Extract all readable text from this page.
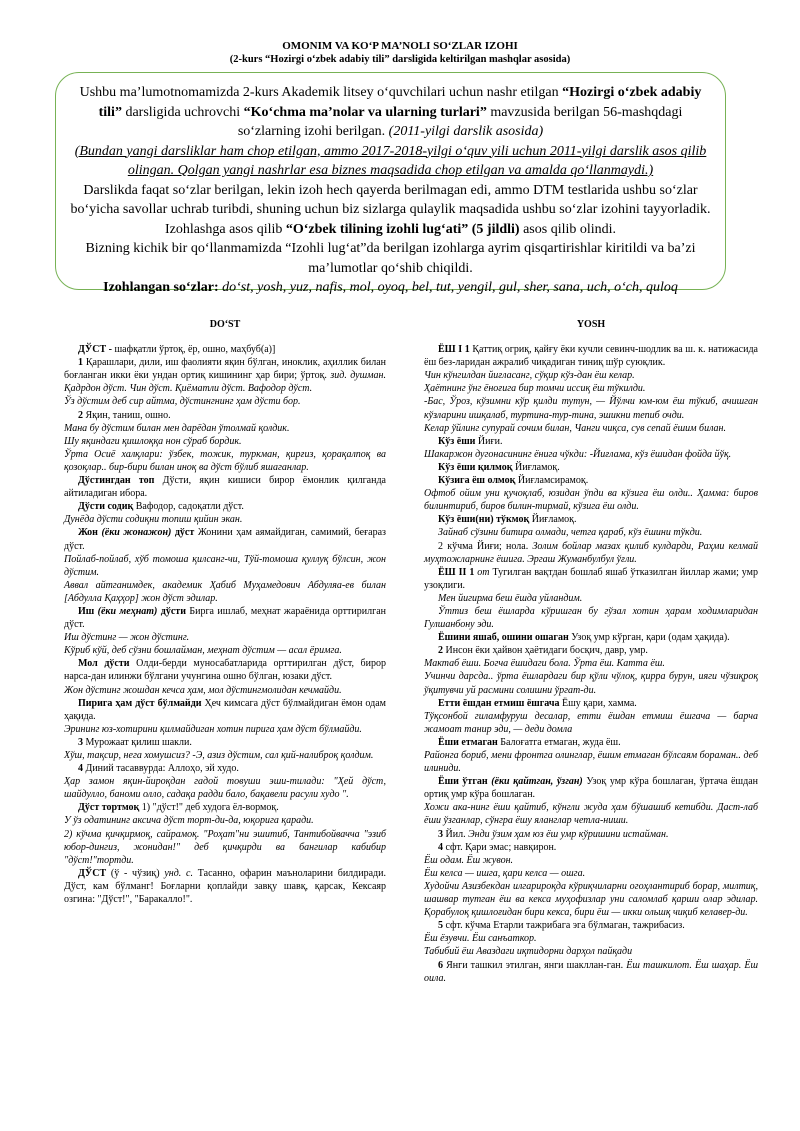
OMONIM VA KO‘P MA’NOLI SO‘ZLAR IZOHI
(2-kurs “Hozirgi o‘zbek adabiy tili” darsligida keltirilgan mashqlar asosida)

Ushbu ma’lumotnomamizda 2-kurs Akademik litsey o‘quvchilari uchun nashr etilgan “Hozirgi o‘zbek adabiy tili” darsligida uchrovchi “Ko‘chma ma’nolar va ularning turlari” mavzusida berilgan 56-mashqdagi so‘zlarning izohi berilgan. (2011-yilgi darslik asosida)

(Bundan yangi darsliklar ham chop etilgan, ammo 2017-2018-yilgi o‘quv yili uchun 2011-yilgi darslik asos qilib olingan. Qolgan yangi nashrlar esa biznes maqsadida chop etilgan va amalda qo‘llanmaydi.)

Darslikda faqat so‘zlar berilgan, lekin izoh hech qayerda berilmagan edi, ammo DTM testlarida ushbu so‘zlar bo‘yicha savollar uchrab turibdi, shuning uchun biz sizlarga qulaylik maqsadida ushbu so‘zlar izohini tayyorladik. Izohlashga asos qilib “O‘zbek tilining izohli lug‘ati” (5 jildli) asos qilib olindi.

Bizning kichik bir qo‘llanmamizda “Izohli lug‘at”da berilgan izohlarga ayrim qisqartirishlar kiritildi va ba’zi ma’lumotlar qo‘shib chiqildi.

Izohlangan so‘zlar: do‘st, yosh, yuz, nafis, mol, oyoq, bel, tut, yengil, gul, sher, sana, uch, o‘ch, quloq

DO‘ST

ДЎСТ - шафқатли ўртоқ, ёр, ошно, маҳбуб(а)]

1 Қарашлари, дили, иш фаолияти яқин бўлган, иноклик, аҳиллик билан боғланган икки ёки ундан ортиқ кишининг ҳар бири; ўртоқ. зид. душман. Қадрдон дўст. Чин дўст. Қиёматли дўст. Вафодор дўст.

Ўз дўстим деб сир айтма, дўстингнинг ҳам дўсти бор.

2 Яқин, таниш, ошно.

Мана бу дўстим билан мен дарёдан ўтолмай қолдик.

Шу яқиндаги қишлоққа нон сўраб бордик.

Ўрта Осиё халқлари: ўзбек, тожик, туркман, қирғиз, қорақалпоқ ва қозоқлар.. бир-бири билан иноқ ва дўст бўлиб яшаганлар.

Дўстингдан топ Дўсти, яқин кишиси бирор ёмонлик қилганда айтиладиган ибора.

Дўсти содиқ Вафодор, садоқатли дўст.

Дунёда дўсти содиқни топиш қийин экан.

Жон (ёки жонажон) дўст Жонини ҳам аямайдиган, самимий, беғараз дўст.

Пойлаб-пойлаб, хўб томоша қилсанг-чи, Тўй-томоша қуллуқ бўлсин, жон дўстим.

Аввал айтганимдек, академик Ҳабиб Муҳамедович Абдуляа-ев билан [Абдулла Қаҳҳор] жон дўст эдилар.

Иш (ёки меҳнат) дўсти Бирга ишлаб, меҳнат жараёнида орттирилган дўст.

Иш дўстинг — жон дўстинг.

Кўриб кўй, деб сўзни бошлайман, меҳнат дўстим — асал ёримга.

Мол дўсти Олди-берди муносабатларида орттирилган дўст, бирор нарса-дан илинжи бўлгани учунгина ошно бўлган, юзаки дўст.

Жон дўстинг жошдан кечса ҳам, мол дўстингмолидан кечмайди.

Пирига ҳам дўст бўлмайди Ҳеч кимсага дўст бўлмайдиган ёмон одам ҳақида.

Эрининг юз-хотирини қилмайдиган хотин пирига ҳам дўст бўлмайди.

3 Мурожаат қилиш шакли.

Хўш, тақсир, нега хомушсиз? -Э, азиз дўстим, сал қий-налиброқ қолдим.

4 Диний тасаввурда: Аллоҳо, эй худо.

Ҳар замон яқин-йироқдан гадой товуши эши-тилади: "Ҳей дўст, шайдулло, баноми олло, садақа радди бало, бақавели расули худо ".

Дўст тортмоқ 1) "дўст!" деб худога ёл-вормоқ.

У ўз одатининг аксича дўст торт-ди-да, юқорига қаради.

2) кўчма қичқирмоқ, сайрамоқ. "Роҳат"ни эшитиб, Тантибойвачча "эзиб юбор-дингиз, жонидан!" деб қичқирди ва бангилар кабибир "дўст!"тортди.

ДЎСТ (ў - чўзиқ) унд. с. Тасанно, офарин маъноларини билдиради. Дўст, кам бўлманг! Боғларни қоплайди завқу шавқ, қарсак, Кексаяр озгина: "Дўст!", "Баракалло!".

YOSH

ЁШ I 1 Қаттиқ огриқ, қайғу ёки кучли севинч-шодлик ва ш. к. натижасида ёш без-ларидан ажралиб чиқадиган тиниқ шўр суюқлик.

Чин кўнгилдан йиғласанг, сўқир кўз-дан ёш келар.

Ҳаётнинг ўнг ёноғига бир томчи иссиқ ёш тўкилди.

-Бас, Ўроз, кўзимни кўр қилди тутун, — Йўлчи юм-юм ёш тўкиб, ачишган кўзларини ишқалаб, туртина-тур-тина, эшикни тепиб очди.

Келар ўйлинг супурай сочим билан, Чанги чиқса, сув сепай ёшим билан.

Кўз ёши Йиғи.

Шакаржон дугонасининг ёнига чўкди: -Йиғлама, кўз ёшидан фойда йўқ.

Кўз ёши қилмоқ Йиғламоқ.

Кўзига ёш олмоқ Йиғламсирамоқ.

Офтоб ойим уни қучоқлаб, юзидан ўпди ва кўзига ёш олди.. Ҳамма: биров билинтириб, биров билин-тирмай, кўзига ёш олди.

Кўз ёши(ни) тўкмоқ Йиғламоқ.

Зайнаб сўзини битира олмади, четга қараб, кўз ёшини тўкди.

2 кўчма Йиғи; нола. Золим бойлар мазах қилиб кулдарди, Раҳми келмай муҳтожларнинг ёшига. Эргаш Жуманбулбул ўғли.

ЁШ II 1 от Тугилган вақтдан бошлаб яшаб ўтказилган йиллар жами; умр узоқлиги.

Мен йигирма беш ёшда уйландим.

Ўттиз беш ёшларда кўришган бу гўзал хотин ҳарам ходимларидан Гулшанбону эди.

Ёшини яшаб, ошини ошаган Узоқ умр кўрган, қари (одам ҳақида).

2 Инсон ёки ҳайвон ҳаётидаги босқич, давр, умр.

Мактаб ёши. Богча ёшидаги бола. Ўрта ёш. Катта ёш.

Учинчи дарсда.. ўрта ёшлардаги бир қўли чўлоқ, қирра бурун, ияги чўзиқроқ ўқитувчи уй расмини солишни ўргат-ди.

Етти ёшдан етмиш ёшгача Ёшу қари, хамма.

Тўқсонбой гиламфуруш десалар, етти ёшдан етмиш ёшгача — барча жамоат танир эди, — деди домла

Ёши етмаган Балоғатга етмаган, жуда ёш.

Районга бориб, мени фронтга олинглар, ёшим етмаган бўлсаям бораман.. деб илиниди.

Ёши ўтган (ёки қайтган, ўзган) Узоқ умр кўра бошлаган, ўртача ёшдан ортиқ умр кўра бошлаган.

Хожи ака-нинг ёши қайтиб, кўнгли жуда ҳам бўшашиб кетибди. Даст-лаб ёши ўзганлар, сўнгра ёшу яланглар четла-ниши.

3 Йил. Энди ўзим ҳам юз ёш умр кўришини истайман.

4 сфт. Қари эмас; навқирон.

Ёш одам. Ёш жувон.

Ёш келса — ишга, қари келса — ошга.

Худойчи Азизбекдан илгарироқда кўриқчиларни огоҳлантириб борар, милтиқ, шашвар тутган ёш ва кекса муҳофизлар уни саломлаб қарши олар эдилар. Қорабулоқ қишлоғидан бири кекса, бири ёш — икки ольшқ чиқиб келавер-ди.

5 сфт. кўчма Етарли тажрибага эга бўлмаган, тажрибасиз.

Ёш ёзувчи. Ёш санъаткор.

Табибий ёш Аваздаги иқтидорни дарҳол пайқади

6 Янги ташкил этилган, янги шакллан-ган. Ёш ташкилот. Ёш шаҳар. Ёш оила.
